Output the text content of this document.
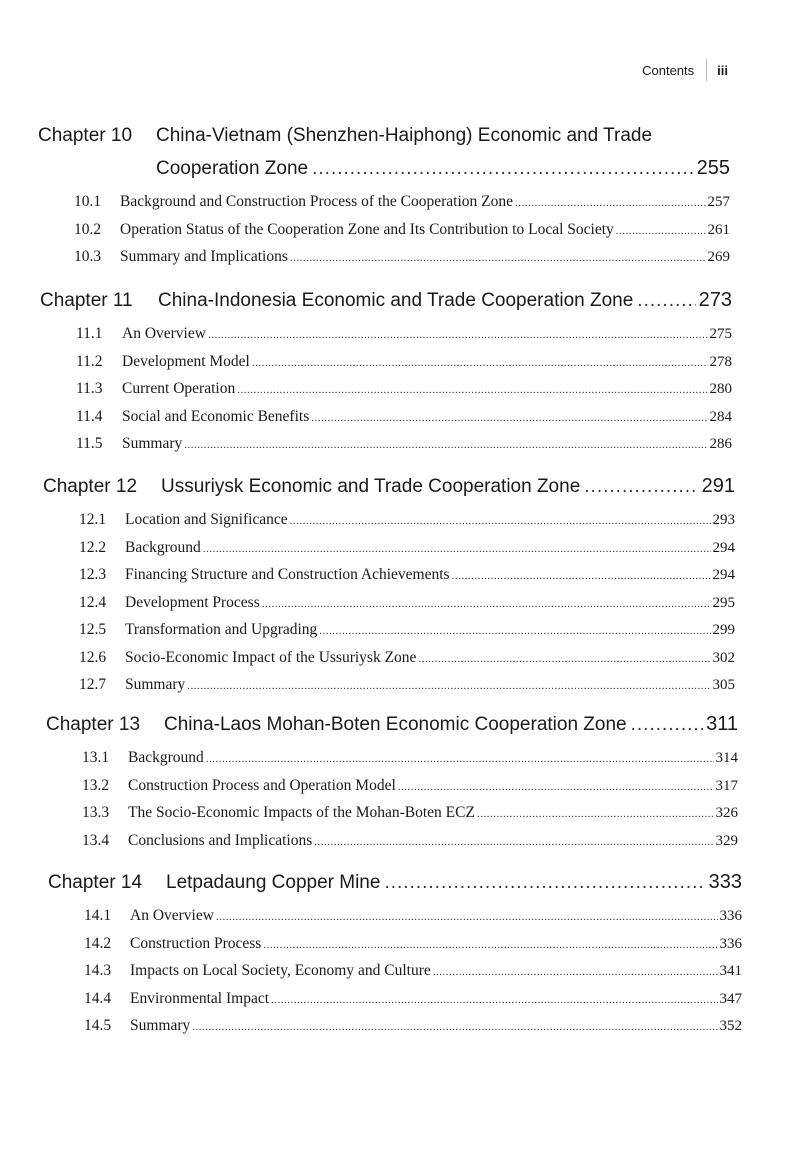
Contents iii
Chapter 10	China-Vietnam (Shenzhen-Haiphong) Economic and Trade
Cooperation Zone .....	255
10.1	Background and Construction Process of the Cooperation Zone .....	257
10.2	Operation Status of the Cooperation Zone and Its Contribution to Local Society .....	261
10.3	Summary and Implications .....	269
Chapter 11	China-Indonesia Economic and Trade Cooperation Zone .....	273
11.1	An Overview .....	275
11.2	Development Model .....	278
11.3	Current Operation .....	280
11.4	Social and Economic Benefits .....	284
11.5	Summary .....	286
Chapter 12	Ussuriysk Economic and Trade Cooperation Zone .....	291
12.1	Location and Significance .....	293
12.2	Background .....	294
12.3	Financing Structure and Construction Achievements .....	294
12.4	Development Process .....	295
12.5	Transformation and Upgrading .....	299
12.6	Socio-Economic Impact of the Ussuriysk Zone .....	302
12.7	Summary .....	305
Chapter 13	China-Laos Mohan-Boten Economic Cooperation Zone .....	311
13.1	Background .....	314
13.2	Construction Process and Operation Model .....	317
13.3	The Socio-Economic Impacts of the Mohan-Boten ECZ .....	326
13.4	Conclusions and Implications .....	329
Chapter 14	Letpadaung Copper Mine .....	333
14.1	An Overview .....	336
14.2	Construction Process .....	336
14.3	Impacts on Local Society, Economy and Culture .....	341
14.4	Environmental Impact .....	347
14.5	Summary .....	352
